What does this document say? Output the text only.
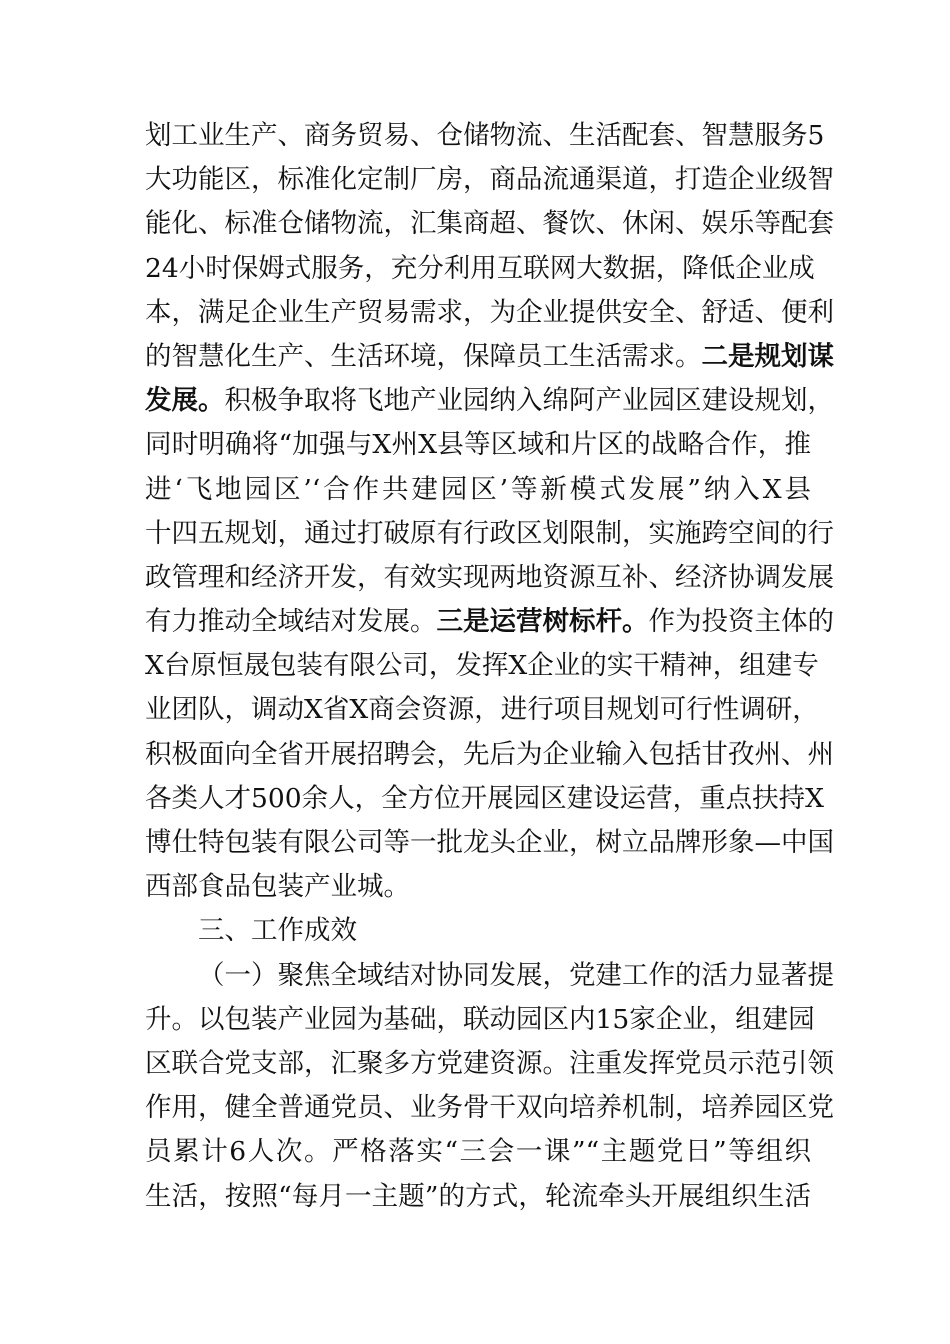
划工业生产、商务贸易、仓储物流、生活配套、智慧服务5
大功能区，标准化定制厂房，商品流通渠道，打造企业级智
能化、标准仓储物流，汇集商超、餐饮、休闲、娱乐等配套
24小时保姆式服务，充分利用互联网大数据，降低企业成
本，满足企业生产贸易需求，为企业提供安全、舒适、便利
的智慧化生产、生活环境，保障员工生活需求。二是规划谋
发展。积极争取将飞地产业园纳入绵阿产业园区建设规划，
同时明确将“加强与X州X县等区域和片区的战略合作，推
进‘飞地园区’‘合作共建园区’等新模式发展”纳入X县
十四五规划，通过打破原有行政区划限制，实施跨空间的行
政管理和经济开发，有效实现两地资源互补、经济协调发展
有力推动全域结对发展。三是运营树标杆。作为投资主体的
X台原恒晟包装有限公司，发挥X企业的实干精神，组建专
业团队，调动X省X商会资源，进行项目规划可行性调研，
积极面向全省开展招聘会，先后为企业输入包括甘孜州、州
各类人才500余人，全方位开展园区建设运营，重点扶持X
博仕特包装有限公司等一批龙头企业，树立品牌形象—中国
西部食品包装产业城。
三、工作成效
（一）聚焦全域结对协同发展，党建工作的活力显著提
升。以包装产业园为基础，联动园区内15家企业，组建园
区联合党支部，汇聚多方党建资源。注重发挥党员示范引领
作用，健全普通党员、业务骨干双向培养机制，培养园区党
员累计6人次。严格落实“三会一课”“主题党日”等组织
生活，按照“每月一主题”的方式，轮流牵头开展组织生活
